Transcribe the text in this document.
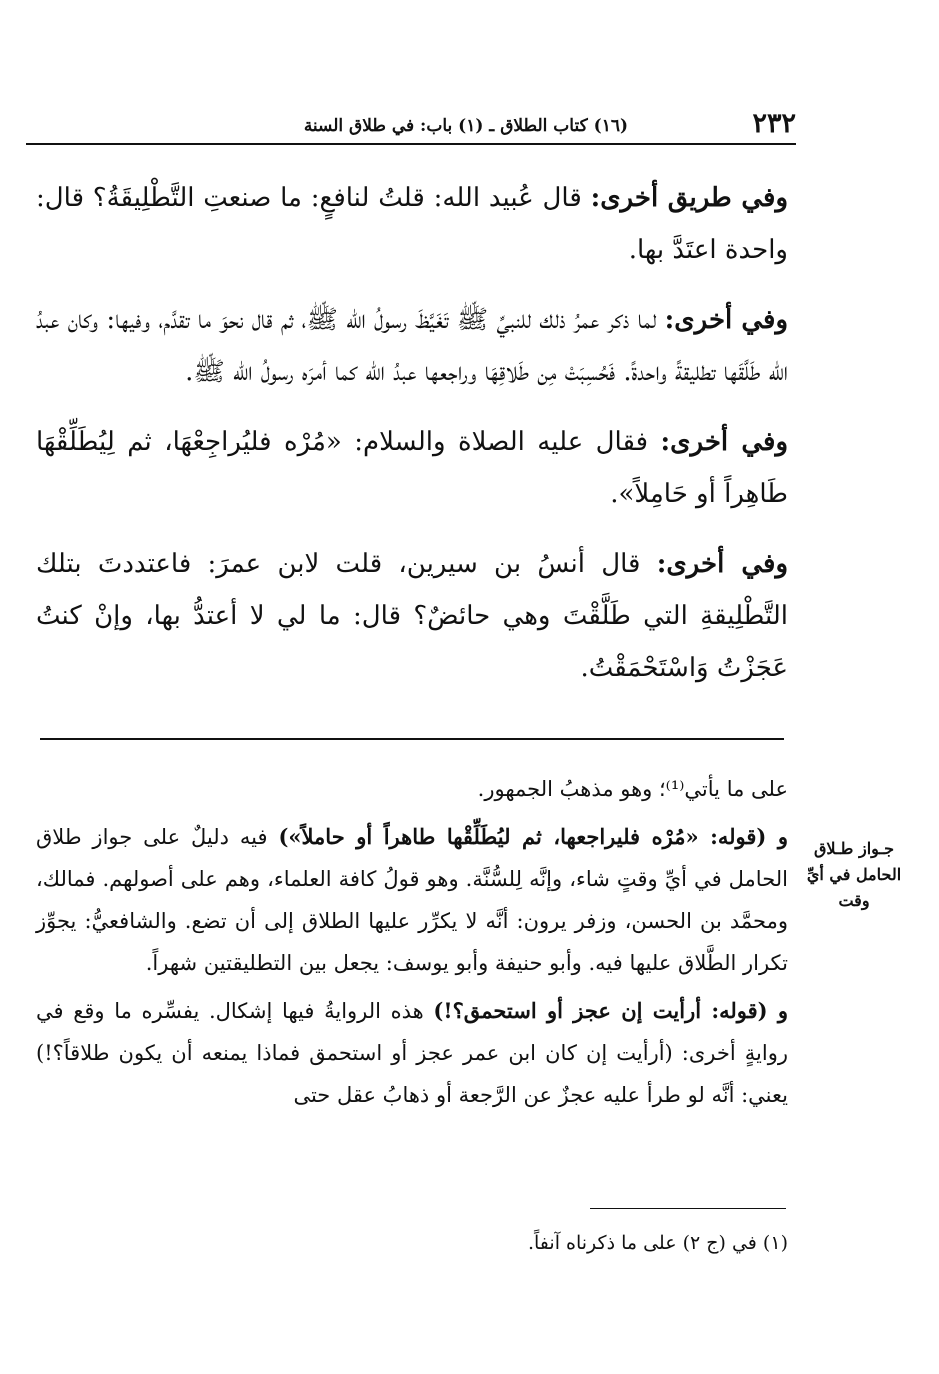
٢٣٢
(١٦) كتاب الطلاق ـ (١) باب: في طلاق السنة

وفي طريق أخرى: قال عُبيد الله: قلتُ لنافعٍ: ما صنعتِ التَّطْلِيقَةُ؟ قال: واحدة اعتَدَّ بها.

وفي أخرى: لما ذكر عمرُ ذلك للنبيِّ ﷺ تَغَيَّظَ رسولُ الله ﷺ، ثم قال نحوَ ما تقدَّم، وفيها: وكان عبدُ الله طَلَّقَها تطليقةً واحدةً. فَحُسِبَتْ مِن طَلاقِهَا وراجعها عبدُ الله كما أمرَه رسولُ الله ﷺ.

وفي أخرى: فقال عليه الصلاة والسلام: «مُرْه فليُراجِعْهَا، ثم لِيُطَلِّقْهَا طَاهِراً أو حَامِلاً».

وفي أخرى: قال أنسُ بن سيرين، قلت لابن عمرَ: فاعتددتَ بتلك التَّطْلِيقةِ التي طَلَّقْتَ وهي حائضٌ؟ قال: ما لي لا أعتدُّ بها، وإنْ كنتُ عَجَزْتُ وَاسْتَحْمَقْتُ.

جـواز طـلاق
الحامل في أيِّ
وقت

على ما يأتي⁽¹⁾؛ وهو مذهبُ الجمهور.

و (قوله: «مُرْه فليراجعها، ثم ليُطَلِّقْها طاهراً أو حاملاً») فيه دليلٌ على جواز طلاق الحامل في أيِّ وقتٍ شاء، وإنَّه لِلسُّنَّة. وهو قولُ كافة العلماء، وهم على أصولهم. فمالك، ومحمَّد بن الحسن، وزفر يرون: أنَّه لا يكرِّر عليها الطلاق إلى أن تضع. والشافعيُّ: يجوِّز تكرار الطَّلاق عليها فيه. وأبو حنيفة وأبو يوسف: يجعل بين التطليقتين شهراً.

و (قوله: أرأيت إن عجز أو استحمق؟!) هذه الروايةُ فيها إشكال. يفسِّره ما وقع في روايةٍ أخرى: (أرأيت إن كان ابن عمر عجز أو استحمق فماذا يمنعه أن يكون طلاقاً؟!) يعني: أنَّه لو طرأ عليه عجزٌ عن الرَّجعة أو ذهابُ عقل حتى

(١) في (ج ٢) على ما ذكرناه آنفاً.
